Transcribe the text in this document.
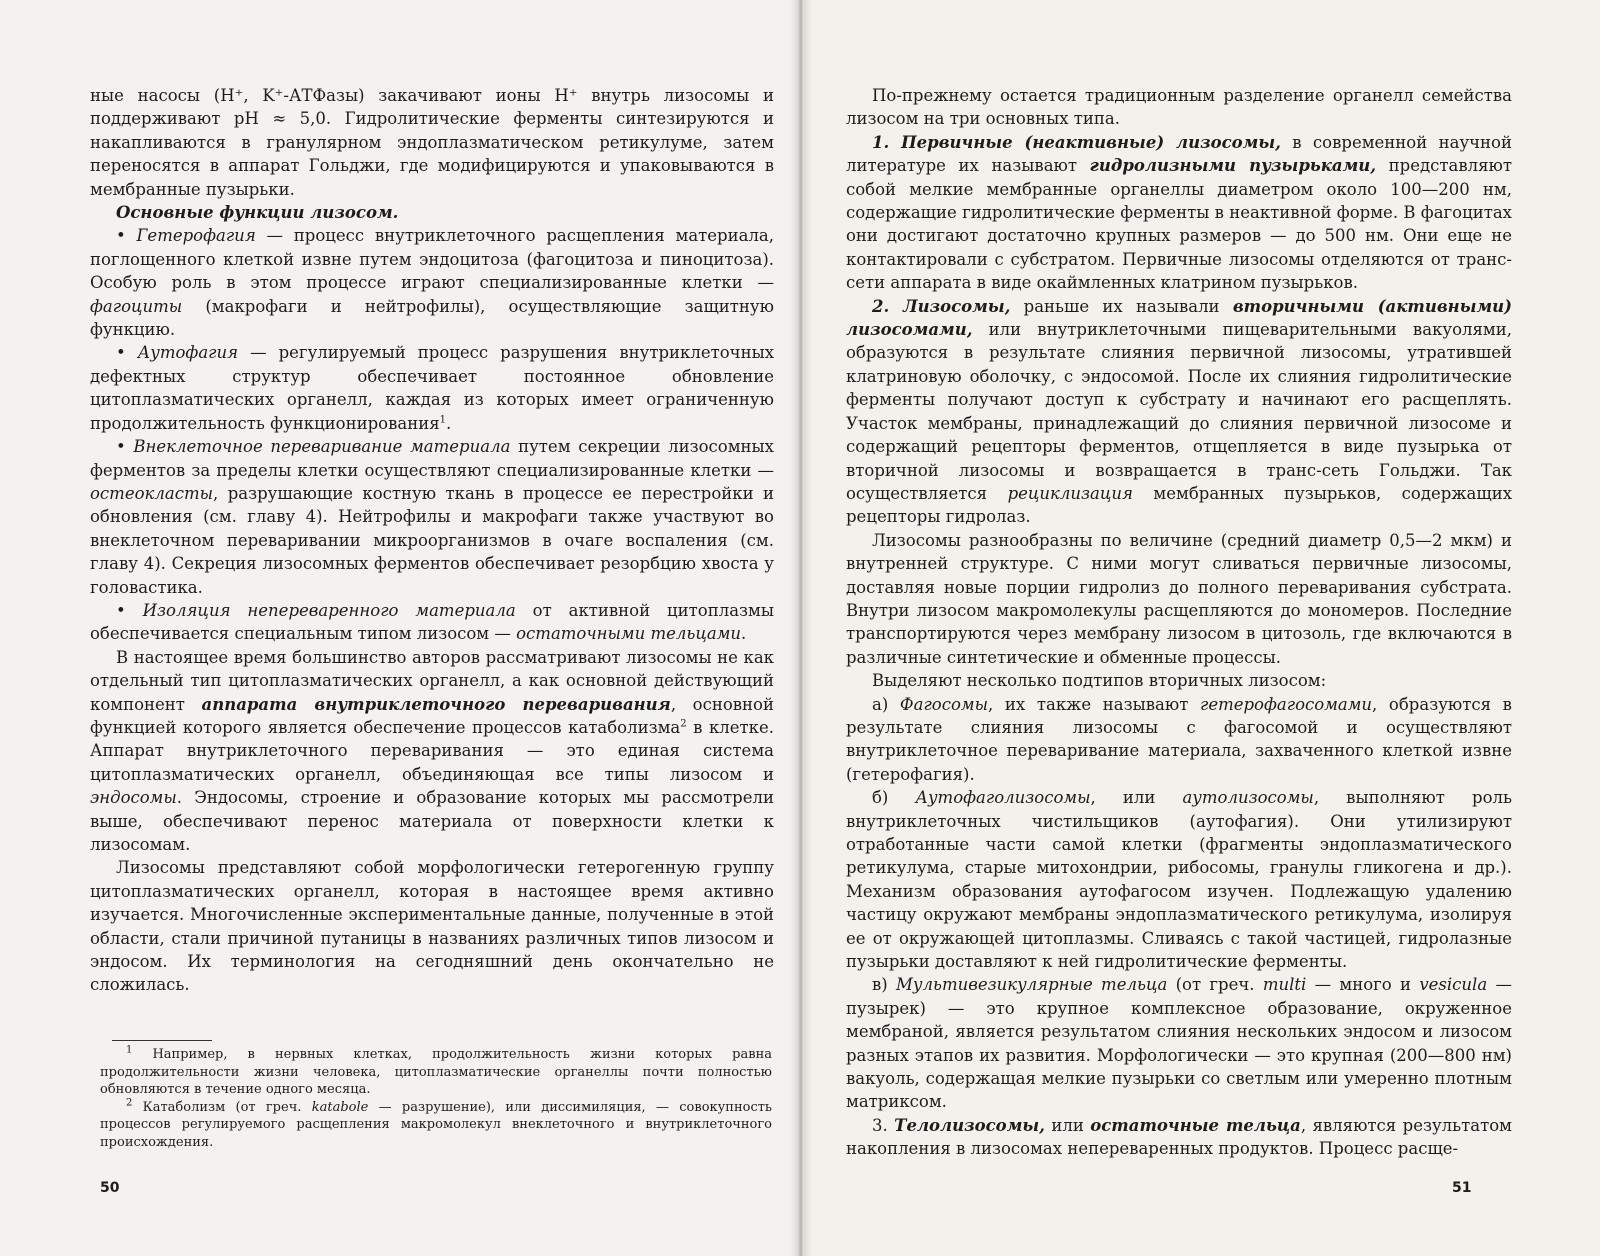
ные насосы (H⁺, K⁺-АТФазы) закачивают ионы H⁺ внутрь лизосомы и поддерживают pH ≈ 5,0. Гидролитические ферменты синтезируются и накапливаются в гранулярном эндоплазматическом ретикулуме, затем переносятся в аппарат Гольджи, где модифицируются и упаковываются в мембранные пузырьки.

Основные функции лизосом.

• Гетерофагия — процесс внутриклеточного расщепления материала, поглощенного клеткой извне путем эндоцитоза (фагоцитоза и пиноцитоза). Особую роль в этом процессе играют специализированные клетки — фагоциты (макрофаги и нейтрофилы), осуществляющие защитную функцию.

• Аутофагия — регулируемый процесс разрушения внутриклеточных дефектных структур обеспечивает постоянное обновление цитоплазматических органелл, каждая из которых имеет ограниченную продолжительность функционирования$^1$.

• Внеклеточное переваривание материала путем секреции лизосомных ферментов за пределы клетки осуществляют специализированные клетки — остеокласты, разрушающие костную ткань в процессе ее перестройки и обновления (см. главу 4). Нейтрофилы и макрофаги также участвуют во внеклеточном переваривании микроорганизмов в очаге воспаления (см. главу 4). Секреция лизосомных ферментов обеспечивает резорбцию хвоста у головастика.

• Изоляция непереваренного материала от активной цитоплазмы обеспечивается специальным типом лизосом — остаточными тельцами.

В настоящее время большинство авторов рассматривают лизосомы не как отдельный тип цитоплазматических органелл, а как основной действующий компонент аппарата внутриклеточного переваривания, основной функцией которого является обеспечение процессов катаболизма$^2$ в клетке. Аппарат внутриклеточного переваривания — это единая система цитоплазматических органелл, объединяющая все типы лизосом и эндосомы. Эндосомы, строение и образование которых мы рассмотрели выше, обеспечивают перенос материала от поверхности клетки к лизосомам.

Лизосомы представляют собой морфологически гетерогенную группу цитоплазматических органелл, которая в настоящее время активно изучается. Многочисленные экспериментальные данные, полученные в этой области, стали причиной путаницы в названиях различных типов лизосом и эндосом. Их терминология на сегодняшний день окончательно не сложилась.

$^1$ Например, в нервных клетках, продолжительность жизни которых равна продолжительности жизни человека, цитоплазматические органеллы почти полностью обновляются в течение одного месяца.

$^2$ Катаболизм (от греч. katabole — разрушение), или диссимиляция, — совокупность процессов регулируемого расщепления макромолекул внеклеточного и внутриклеточного происхождения.

50

По-прежнему остается традиционным разделение органелл семейства лизосом на три основных типа.

1. Первичные (неактивные) лизосомы, в современной научной литературе их называют гидролизными пузырьками, представляют собой мелкие мембранные органеллы диаметром около 100—200 нм, содержащие гидролитические ферменты в неактивной форме. В фагоцитах они достигают достаточно крупных размеров — до 500 нм. Они еще не контактировали с субстратом. Первичные лизосомы отделяются от транс-сети аппарата в виде окаймленных клатрином пузырьков.

2. Лизосомы, раньше их называли вторичными (активными) лизосомами, или внутриклеточными пищеварительными вакуолями, образуются в результате слияния первичной лизосомы, утратившей клатриновую оболочку, с эндосомой. После их слияния гидролитические ферменты получают доступ к субстрату и начинают его расщеплять. Участок мембраны, принадлежащий до слияния первичной лизосоме и содержащий рецепторы ферментов, отщепляется в виде пузырька от вторичной лизосомы и возвращается в транс-сеть Гольджи. Так осуществляется рециклизация мембранных пузырьков, содержащих рецепторы гидролаз.

Лизосомы разнообразны по величине (средний диаметр 0,5—2 мкм) и внутренней структуре. С ними могут сливаться первичные лизосомы, доставляя новые порции гидролиз до полного переваривания субстрата. Внутри лизосом макромолекулы расщепляются до мономеров. Последние транспортируются через мембрану лизосом в цитозоль, где включаются в различные синтетические и обменные процессы.

Выделяют несколько подтипов вторичных лизосом:

а) Фагосомы, их также называют гетерофагосомами, образуются в результате слияния лизосомы с фагосомой и осуществляют внутриклеточное переваривание материала, захваченного клеткой извне (гетерофагия).

б) Аутофаголизосомы, или аутолизосомы, выполняют роль внутриклеточных чистильщиков (аутофагия). Они утилизируют отработанные части самой клетки (фрагменты эндоплазматического ретикулума, старые митохондрии, рибосомы, гранулы гликогена и др.). Механизм образования аутофагосом изучен. Подлежащую удалению частицу окружают мембраны эндоплазматического ретикулума, изолируя ее от окружающей цитоплазмы. Сливаясь с такой частицей, гидролазные пузырьки доставляют к ней гидролитические ферменты.

в) Мультивезикулярные тельца (от греч. multi — много и vesicula — пузырек) — это крупное комплексное образование, окруженное мембраной, является результатом слияния нескольких эндосом и лизосом разных этапов их развития. Морфологически — это крупная (200—800 нм) вакуоль, содержащая мелкие пузырьки со светлым или умеренно плотным матриксом.

3. Телолизосомы, или остаточные тельца, являются результатом накопления в лизосомах непереваренных продуктов. Процесс расще-

51
